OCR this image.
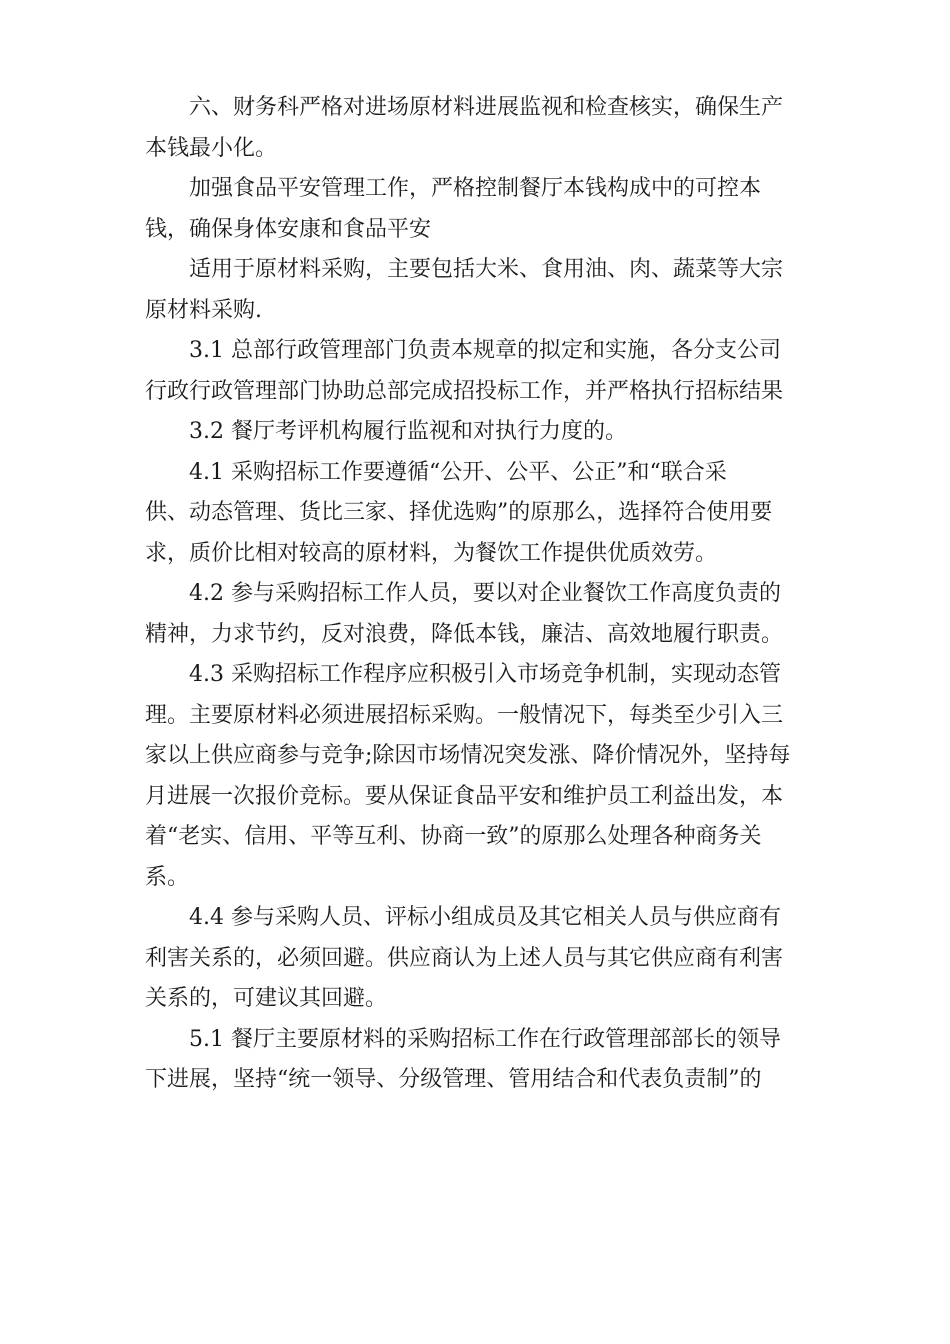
六、财务科严格对进场原材料进展监视和检查核实，确保生产
本钱最小化。

加强食品平安管理工作，严格控制餐厅本钱构成中的可控本
钱，确保身体安康和食品平安

适用于原材料采购，主要包括大米、食用油、肉、蔬菜等大宗
原材料采购.

3.1 总部行政管理部门负责本规章的拟定和实施，各分支公司
行政行政管理部门协助总部完成招投标工作，并严格执行招标结果

3.2 餐厅考评机构履行监视和对执行力度的。

4.1 采购招标工作要遵循“公开、公平、公正”和“联合采
供、动态管理、货比三家、择优选购”的原那么，选择符合使用要
求，质价比相对较高的原材料，为餐饮工作提供优质效劳。

4.2 参与采购招标工作人员，要以对企业餐饮工作高度负责的
精神，力求节约，反对浪费，降低本钱，廉洁、高效地履行职责。

4.3 采购招标工作程序应积极引入市场竞争机制，实现动态管
理。主要原材料必须进展招标采购。一般情况下，每类至少引入三
家以上供应商参与竞争;除因市场情况突发涨、降价情况外，坚持每
月进展一次报价竞标。要从保证食品平安和维护员工利益出发，本
着“老实、信用、平等互利、协商一致”的原那么处理各种商务关
系。

4.4 参与采购人员、评标小组成员及其它相关人员与供应商有
利害关系的，必须回避。供应商认为上述人员与其它供应商有利害
关系的，可建议其回避。

5.1 餐厅主要原材料的采购招标工作在行政管理部部长的领导
下进展，坚持“统一领导、分级管理、管用结合和代表负责制”的
